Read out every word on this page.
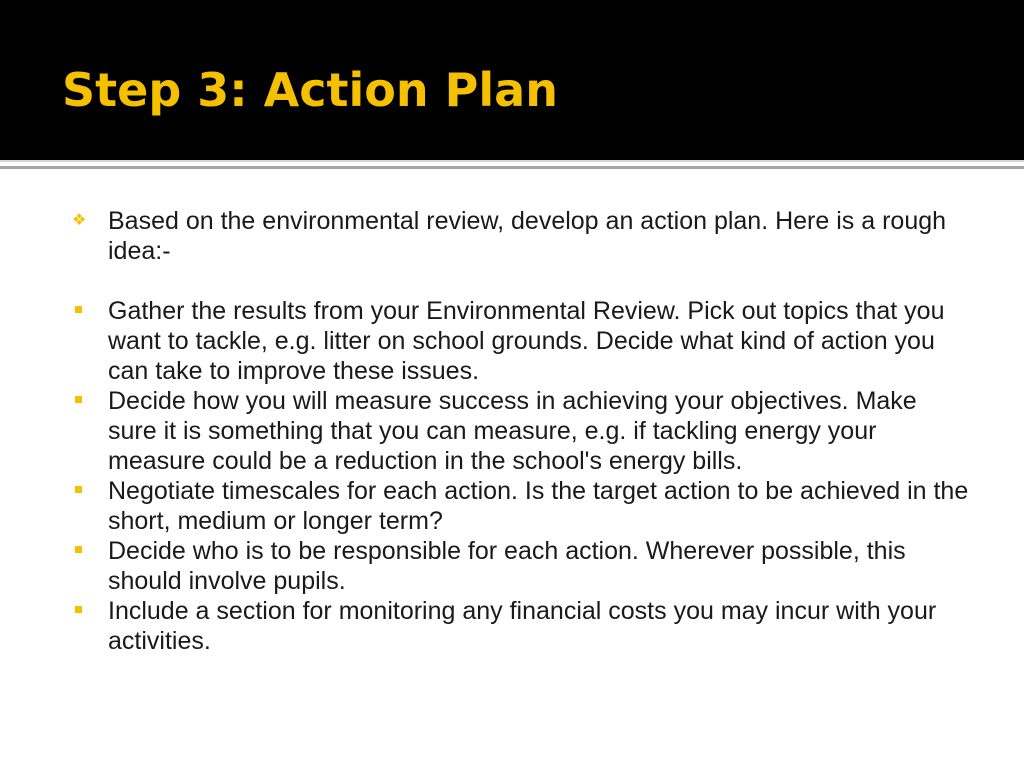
Step 3: Action Plan
❖ Based on the environmental review, develop an action plan. Here is a rough idea:-
Gather the results from your Environmental Review. Pick out topics that you want to tackle, e.g. litter on school grounds. Decide what kind of action you can take to improve these issues.
Decide how you will measure success in achieving your objectives. Make sure it is something that you can measure, e.g. if tackling energy your measure could be a reduction in the school's energy bills.
Negotiate timescales for each action. Is the target action to be achieved in the short, medium or longer term?
Decide who is to be responsible for each action. Wherever possible, this should involve pupils.
Include a section for monitoring any financial costs you may incur with your activities.
